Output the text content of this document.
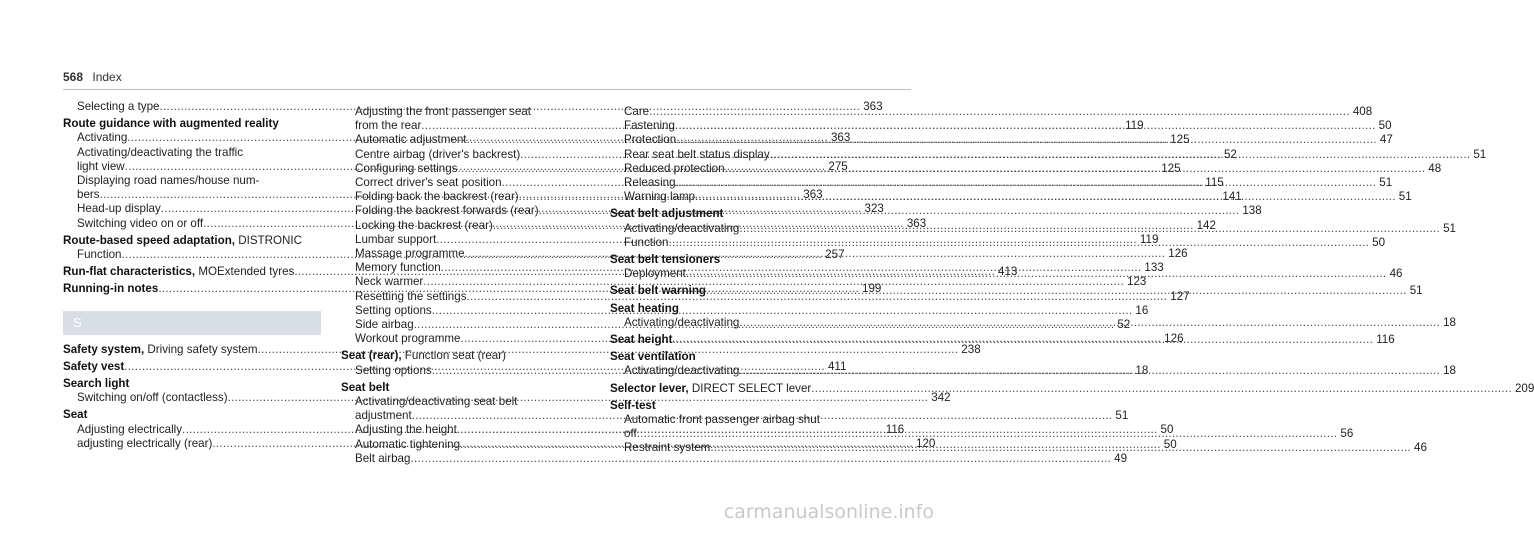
568 Index
Selecting a type .....	363
Route guidance with augmented reality
Activating .....	363
Activating/deactivating the traffic
light view .....	275
Displaying road names/house num-
bers .....	363
Head-up display .....	323
Switching video on or off .....	363
Route-based speed adaptation, DISTRONIC
Function .....	257
Run-flat characteristics, MOExtended tyres .....	413
Running-in notes .....	199
S
Safety system, Driving safety system .....	238
Safety vest .....	411
Search light
Switching on/off (contactless) .....	342
Seat
Adjusting electrically .....	116
adjusting electrically (rear) .....	120
Adjusting the front passenger seat
from the rear .....	119
Automatic adjustment .....	125
Centre airbag (driver's backrest) .....	52
Configuring settings .....	125
Correct driver's seat position .....	115
Folding back the backrest (rear) .....	141
Folding the backrest forwards (rear) .....	138
Locking the backrest (rear) .....	142
Lumbar support .....	119
Massage programme .....	126
Memory function .....	133
Neck warmer .....	123
Resetting the settings .....	127
Setting options .....	16
Side airbag .....	52
Workout programme .....	126
Seat (rear), Function seat (rear)
Setting options .....	18
Seat belt
Activating/deactivating seat belt
adjustment .....	51
Adjusting the height .....	50
Automatic tightening .....	50
Belt airbag .....	49
Care .....	408
Fastening .....	50
Protection .....	47
Rear seat belt status display .....	51
Reduced protection .....	48
Releasing .....	51
Warning lamp .....	51
Seat belt adjustment
Activating/deactivating .....	51
Function .....	50
Seat belt tensioners
Deployment .....	46
Seat belt warning .....	51
Seat heating
Activating/deactivating .....	18
Seat height .....	116
Seat ventilation
Activating/deactivating .....	18
Selector lever, DIRECT SELECT lever .....	209
Self-test
Automatic front passenger airbag shut
off .....	56
Restraint system .....	46
carmanualsonline.info
